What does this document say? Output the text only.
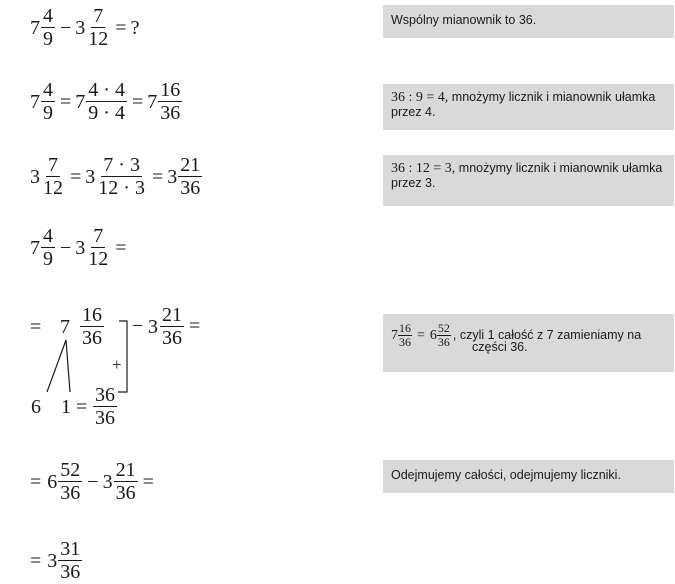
$7 \frac{4}{9} - 3 \frac{7}{12}$ = ?
$7 \frac{4}{9} = 7 \frac{4 \cdot 4}{9 \cdot 4} = 7 \frac{16}{36}$
$3 \frac{7}{12} = 3 \frac{7 \cdot 3}{12 \cdot 3} = 3 \frac{21}{36}$
$7 \frac{4}{9} - 3 \frac{7}{12}$ =
= $7 \frac{16}{36} - 3 \frac{21}{36}$ =
+
6 $1 = \frac{36}{36}$
= $6 \frac{52}{36} - 3 \frac{21}{36}$ =
= $3 \frac{31}{36}$
Wspólny mianownik to 36.
36 : 9 = 4, mnożymy licznik i mianownik ułamka
przez 4.
36 : 12 = 3, mnożymy licznik i mianownik ułamka
przez 3.
$7 \frac{16}{36} = 6$ 52
36 , czyli 1 całość z 7 zamieniamy na
części 36.
Odejmujemy całości, odejmujemy liczniki.
